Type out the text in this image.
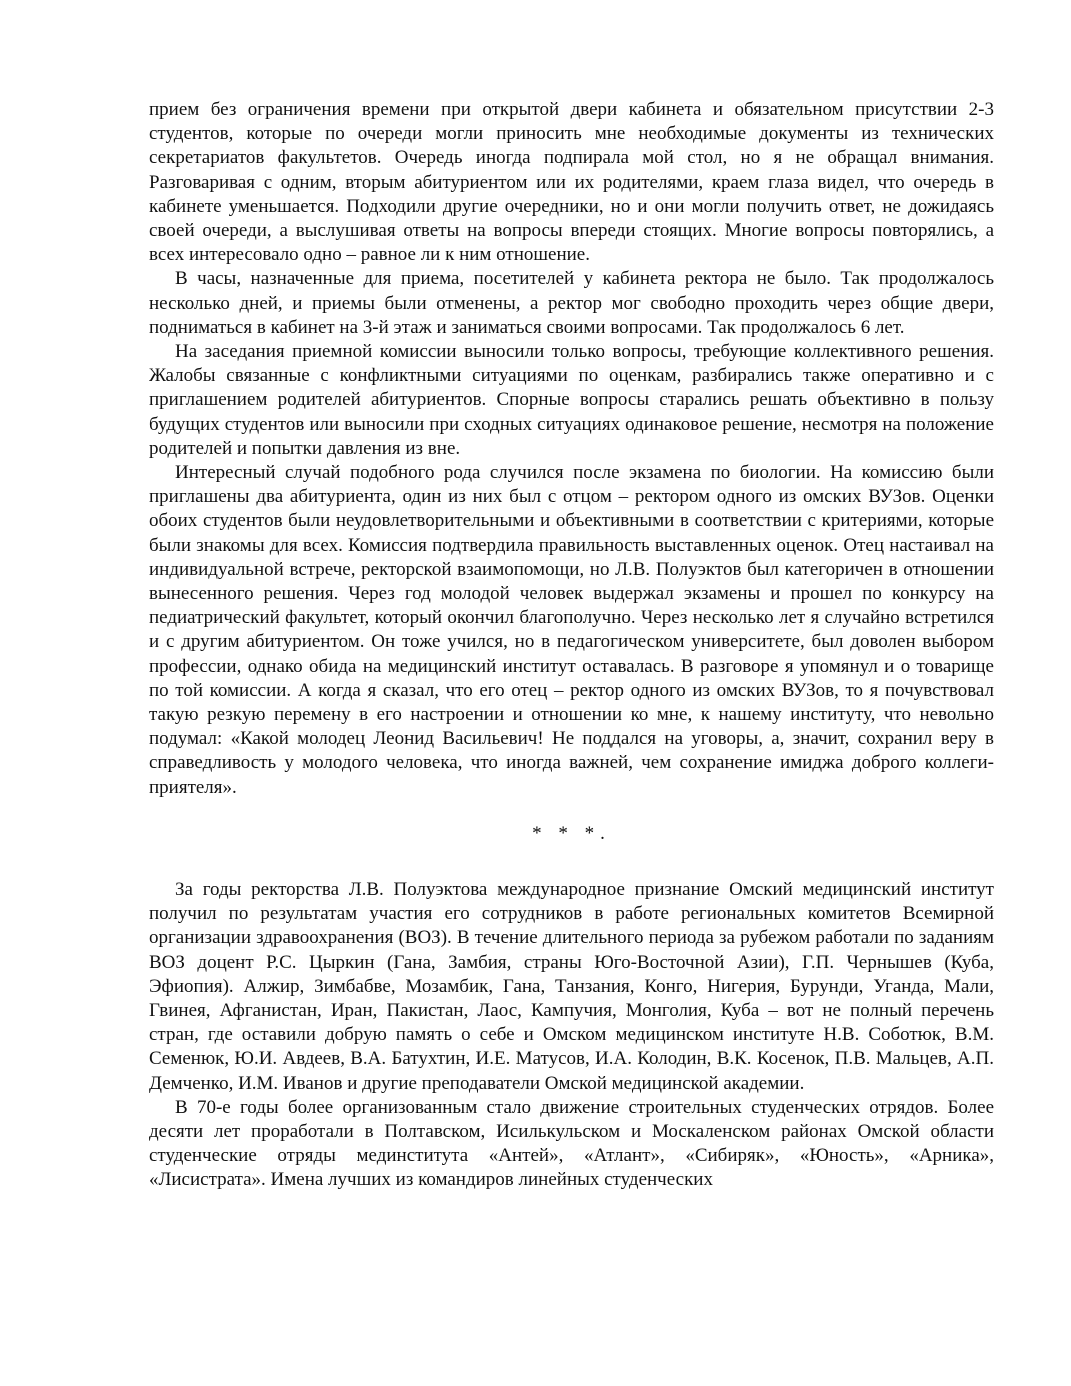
прием без ограничения времени при открытой двери кабинета и обязательном присутствии 2-3 студентов, которые по очереди могли приносить мне необходимые документы из технических секретариатов факультетов. Очередь иногда подпирала мой стол, но я не обращал внимания. Разговаривая с одним, вторым абитуриентом или их родителями, краем глаза видел, что очередь в кабинете уменьшается. Подходили другие очередники, но и они могли получить ответ, не дожидаясь своей очереди, а выслушивая ответы на вопросы впереди стоящих. Многие вопросы повторялись, а всех интересовало одно – равное ли к ним отношение.

В часы, назначенные для приема, посетителей у кабинета ректора не было. Так продолжалось несколько дней, и приемы были отменены, а ректор мог свободно проходить через общие двери, подниматься в кабинет на 3-й этаж и заниматься своими вопросами. Так продолжалось 6 лет.

На заседания приемной комиссии выносили только вопросы, требующие коллективного решения. Жалобы связанные с конфликтными ситуациями по оценкам, разбирались также оперативно и с приглашением родителей абитуриентов. Спорные вопросы старались решать объективно в пользу будущих студентов или выносили при сходных ситуациях одинаковое решение, несмотря на положение родителей и попытки давления из вне.

Интересный случай подобного рода случился после экзамена по биологии. На комиссию были приглашены два абитуриента, один из них был с отцом – ректором одного из омских ВУЗов. Оценки обоих студентов были неудовлетворительными и объективными в соответствии с критериями, которые были знакомы для всех. Комиссия подтвердила правильность выставленных оценок. Отец настаивал на индивидуальной встрече, ректорской взаимопомощи, но Л.В. Полуэктов был категоричен в отношении вынесенного решения. Через год молодой человек выдержал экзамены и прошел по конкурсу на педиатрический факультет, который окончил благополучно. Через несколько лет я случайно встретился и с другим абитуриентом. Он тоже учился, но в педагогическом университете, был доволен выбором профессии, однако обида на медицинский институт оставалась. В разговоре я упомянул и о товарище по той комиссии. А когда я сказал, что его отец – ректор одного из омских ВУЗов, то я почувствовал такую резкую перемену в его настроении и отношении ко мне, к нашему институту, что невольно подумал: «Какой молодец Леонид Васильевич! Не поддался на уговоры, а, значит, сохранил веру в справедливость у молодого человека, что иногда важней, чем сохранение имиджа доброго коллеги-приятеля».

* * *.

За годы ректорства Л.В. Полуэктова международное признание Омский медицинский институт получил по результатам участия его сотрудников в работе региональных комитетов Всемирной организации здравоохранения (ВОЗ). В течение длительного периода за рубежом работали по заданиям ВОЗ доцент Р.С. Цыркин (Гана, Замбия, страны Юго-Восточной Азии), Г.П. Чернышев (Куба, Эфиопия). Алжир, Зимбабве, Мозамбик, Гана, Танзания, Конго, Нигерия, Бурунди, Уганда, Мали, Гвинея, Афганистан, Иран, Пакистан, Лаос, Кампучия, Монголия, Куба – вот не полный перечень стран, где оставили добрую память о себе и Омском медицинском институте Н.В. Соботюк, В.М. Семенюк, Ю.И. Авдеев, В.А. Батухтин, И.Е. Матусов, И.А. Колодин, В.К. Косенок, П.В. Мальцев, А.П. Демченко, И.М. Иванов и другие преподаватели Омской медицинской академии.

В 70-е годы более организованным стало движение строительных студенческих отрядов. Более десяти лет проработали в Полтавском, Исилькульском и Москаленском районах Омской области студенческие отряды мединститута «Антей», «Атлант», «Сибиряк», «Юность», «Арника», «Лисистрата». Имена лучших из командиров линейных студенческих
